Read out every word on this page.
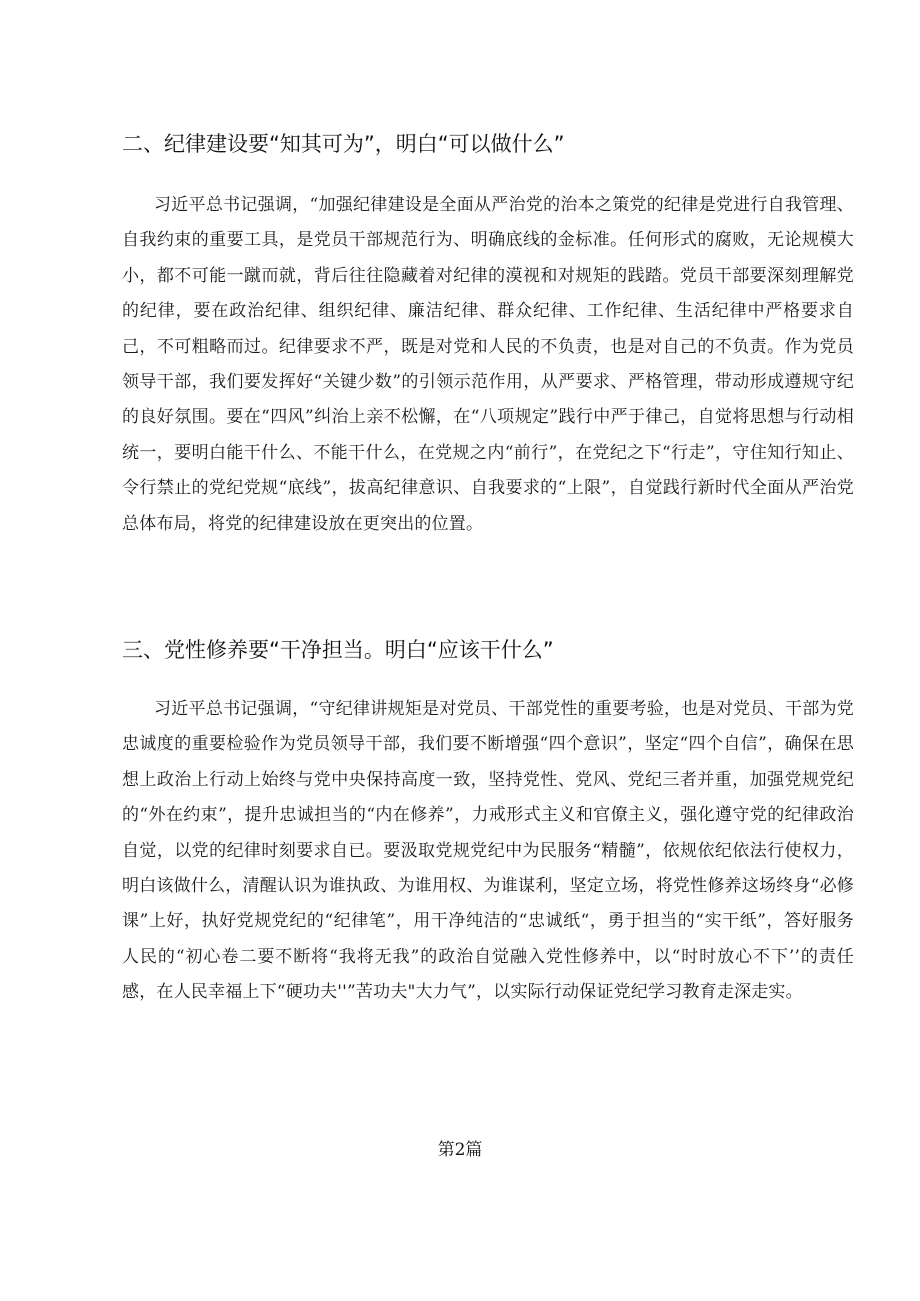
二、纪律建设要“知其可为”，明白“可以做什么”

习近平总书记强调，“加强纪律建设是全面从严治党的治本之策党的纪律是党进行自我管理、自我约束的重要工具，是党员干部规范行为、明确底线的金标准。任何形式的腐败，无论规模大小，都不可能一蹴而就，背后往往隐藏着对纪律的漠视和对规矩的践踏。党员干部要深刻理解党的纪律，要在政治纪律、组织纪律、廉洁纪律、群众纪律、工作纪律、生活纪律中严格要求自己，不可粗略而过。纪律要求不严，既是对党和人民的不负责，也是对自己的不负责。作为党员领导干部，我们要发挥好“关键少数”的引领示范作用，从严要求、严格管理，带动形成遵规守纪的良好氛围。要在“四风”纠治上亲不松懈，在“八项规定”践行中严于律己，自觉将思想与行动相统一，要明白能干什么、不能干什么，在党规之内“前行”，在党纪之下“行走”，守住知行知止、令行禁止的党纪党规“底线”，拔高纪律意识、自我要求的“上限”，自觉践行新时代全面从严治党总体布局，将党的纪律建设放在更突出的位置。

三、党性修养要“干净担当。明白“应该干什么”

习近平总书记强调，“守纪律讲规矩是对党员、干部党性的重要考验，也是对党员、干部为党忠诚度的重要检验作为党员领导干部，我们要不断增强“四个意识”，坚定“四个自信”，确保在思想上政治上行动上始终与党中央保持高度一致，坚持党性、党风、党纪三者并重，加强党规党纪的“外在约束”，提升忠诚担当的“内在修养”，力戒形式主义和官僚主义，强化遵守党的纪律政治自觉，以党的纪律时刻要求自已。要汲取党规党纪中为民服务“精髓”，依规依纪依法行使权力，明白该做什么，清醒认识为谁执政、为谁用权、为谁谋利，坚定立场，将党性修养这场终身“必修课”上好，执好党规党纪的“纪律笔”，用干净纯洁的“忠诚纸“，勇于担当的“实干纸”，答好服务人民的“初心卷二要不断将“我将无我”的政治自觉融入党性修养中，以“时时放心不下’’的责任感，在人民幸福上下“硬功夫''”苦功夫"大力气”，以实际行动保证党纪学习教育走深走实。

第2篇
